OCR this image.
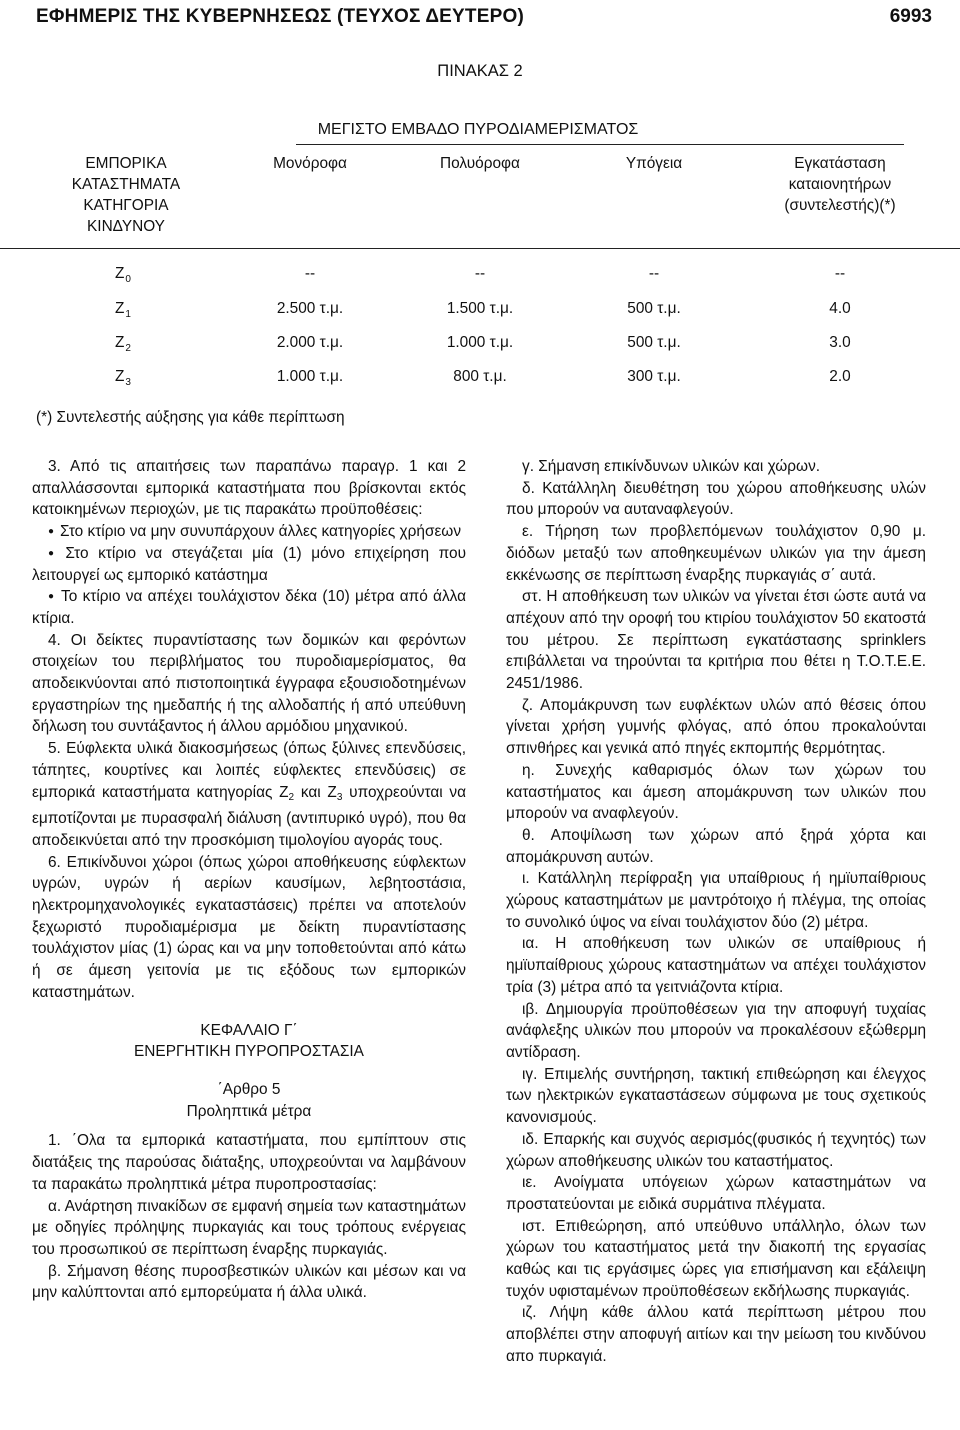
ΕΦΗΜΕΡΙΣ ΤΗΣ ΚΥΒΕΡΝΗΣΕΩΣ (ΤΕΥΧΟΣ ΔΕΥΤΕΡΟ)	6993
ΠΙΝΑΚΑΣ 2
ΜΕΓΙΣΤΟ ΕΜΒΑΔΟ ΠΥΡΟΔΙΑΜΕΡΙΣΜΑΤΟΣ
ΕΜΠΟΡΙΚΑ
ΚΑΤΑΣΤΗΜΑΤΑ
ΚΑΤΗΓΟΡΙΑ
ΚΙΝΔΥΝΟΥ
Μονόροφα	Πολυόροφα	Υπόγεια	Εγκατάσταση
καταιονητήρων
(συντελεστής)(*)
$Z_0$	--	--	--	--
$Z_1$	2.500 τ.μ.	1.500 τ.μ.	500 τ.μ.	4.0
$Z_2$	2.000 τ.μ.	1.000 τ.μ.	500 τ.μ.	3.0
$Z_3$	1.000 τ.μ.	800 τ.μ.	300 τ.μ.	2.0
(*) Συντελεστής αύξησης για κάθε περίπτωση

3. Από τις απαιτήσεις των παραπάνω παραγρ. 1 και 2 απαλλάσσονται εμπορικά καταστήματα που βρίσκονται εκτός κατοικημένων περιοχών, με τις παρακάτω προϋποθέσεις:

● Στο κτίριο να μην συνυπάρχουν άλλες κατηγορίες χρήσεων

● Στο κτίριο να στεγάζεται μία (1) μόνο επιχείρηση που λειτουργεί ως εμπορικό κατάστημα

● Το κτίριο να απέχει τουλάχιστον δέκα (10) μέτρα από άλλα κτίρια.

4. Οι δείκτες πυραντίστασης των δομικών και φερόντων στοιχείων του περιβλήματος του πυροδιαμερίσματος, θα αποδεικνύονται από πιστοποιητικά έγγραφα εξουσιοδοτημένων εργαστηρίων της ημεδαπής ή της αλλοδαπής ή από υπεύθυνη δήλωση του συντάξαντος ή άλλου αρμόδιου μηχανικού.

5. Εύφλεκτα υλικά διακοσμήσεως (όπως ξύλινες επενδύσεις, τάπητες, κουρτίνες και λοιπές εύφλεκτες επενδύσεις) σε εμπορικά καταστήματα κατηγορίας $Z_2$ και $Z_3$ υποχρεούνται να εμποτίζονται με πυρασφαλή διάλυση (αντιπυρικό υγρό), που θα αποδεικνύεται από την προσκόμιση τιμολογίου αγοράς τους.

6. Επικίνδυνοι χώροι (όπως χώροι αποθήκευσης εύφλεκτων υγρών, υγρών ή αερίων καυσίμων, λεβητοστάσια, ηλεκτρομηχανολογικές εγκαταστάσεις) πρέπει να αποτελούν ξεχωριστό πυροδιαμέρισμα με δείκτη πυραντίστασης τουλάχιστον μίας (1) ώρας και να μην τοποθετούνται από κάτω ή σε άμεση γειτονία με τις εξόδους των εμπορικών καταστημάτων.

ΚΕΦΑΛΑΙΟ Γ΄

ΕΝΕΡΓΗΤΙΚΗ ΠΥΡΟΠΡΟΣΤΑΣΙΑ

΄Αρθρο 5

Προληπτικά μέτρα

1. ΄Ολα τα εμπορικά καταστήματα, που εμπίπτουν στις διατάξεις της παρούσας διάταξης, υποχρεούνται να λαμβάνουν τα παρακάτω προληπτικά μέτρα πυροπροστασίας:

α. Ανάρτηση πινακίδων σε εμφανή σημεία των καταστημάτων με οδηγίες πρόληψης πυρκαγιάς και τους τρόπους ενέργειας του προσωπικού σε περίπτωση έναρξης πυρκαγιάς.

β. Σήμανση θέσης πυροσβεστικών υλικών και μέσων και να μην καλύπτονται από εμπορεύματα ή άλλα υλικά.

γ. Σήμανση επικίνδυνων υλικών και χώρων.

δ. Κατάλληλη διευθέτηση του χώρου αποθήκευσης υλών που μπορούν να αυταναφλεγούν.

ε. Τήρηση των προβλεπόμενων τουλάχιστον 0,90 μ. διόδων μεταξύ των αποθηκευμένων υλικών για την άμεση εκκένωσης σε περίπτωση έναρξης πυρκαγιάς σ΄ αυτά.

στ. Η αποθήκευση των υλικών να γίνεται έτσι ώστε αυτά να απέχουν από την οροφή του κτιρίου τουλάχιστον 50 εκατοστά του μέτρου. Σε περίπτωση εγκατάστασης sprinklers επιβάλλεται να τηρούνται τα κριτήρια που θέτει η Τ.Ο.Τ.Ε.Ε. 2451/1986.

ζ. Απομάκρυνση των ευφλέκτων υλών από θέσεις όπου γίνεται χρήση γυμνής φλόγας, από όπου προκαλούνται σπινθήρες και γενικά από πηγές εκπομπής θερμότητας.

η. Συνεχής καθαρισμός όλων των χώρων του καταστήματος και άμεση απομάκρυνση των υλικών που μπορούν να αναφλεγούν.

θ. Αποψίλωση των χώρων από ξηρά χόρτα και απομάκρυνση αυτών.

ι. Κατάλληλη περίφραξη για υπαίθριους ή ημϊυπαίθριους χώρους καταστημάτων με μαντρότοιχο ή πλέγμα, της οποίας το συνολικό ύψος να είναι τουλάχιστον δύο (2) μέτρα.

ια. Η αποθήκευση των υλικών σε υπαίθριους ή ημϊυπαίθριους χώρους καταστημάτων να απέχει τουλάχιστον τρία (3) μέτρα από τα γειτνιάζοντα κτίρια.

ιβ. Δημιουργία προϋποθέσεων για την αποφυγή τυχαίας ανάφλεξης υλικών που μπορούν να προκαλέσουν εξώθερμη αντίδραση.

ιγ. Επιμελής συντήρηση, τακτική επιθεώρηση και έλεγχος των ηλεκτρικών εγκαταστάσεων σύμφωνα με τους σχετικούς κανονισμούς.

ιδ. Επαρκής και συχνός αερισμός(φυσικός ή τεχνητός) των χώρων αποθήκευσης υλικών του καταστήματος.

ιε. Ανοίγματα υπόγειων χώρων καταστημάτων να προστατεύονται με ειδικά συρμάτινα πλέγματα.

ιστ. Επιθεώρηση, από υπεύθυνο υπάλληλο, όλων των χώρων του καταστήματος μετά την διακοπή της εργασίας καθώς και τις εργάσιμες ώρες για επισήμανση και εξάλειψη τυχόν υφισταμένων προϋποθέσεων εκδήλωσης πυρκαγιάς.

ιζ. Λήψη κάθε άλλου κατά περίπτωση μέτρου που αποβλέπει στην αποφυγή αιτίων και την μείωση του κινδύνου απο πυρκαγιά.
